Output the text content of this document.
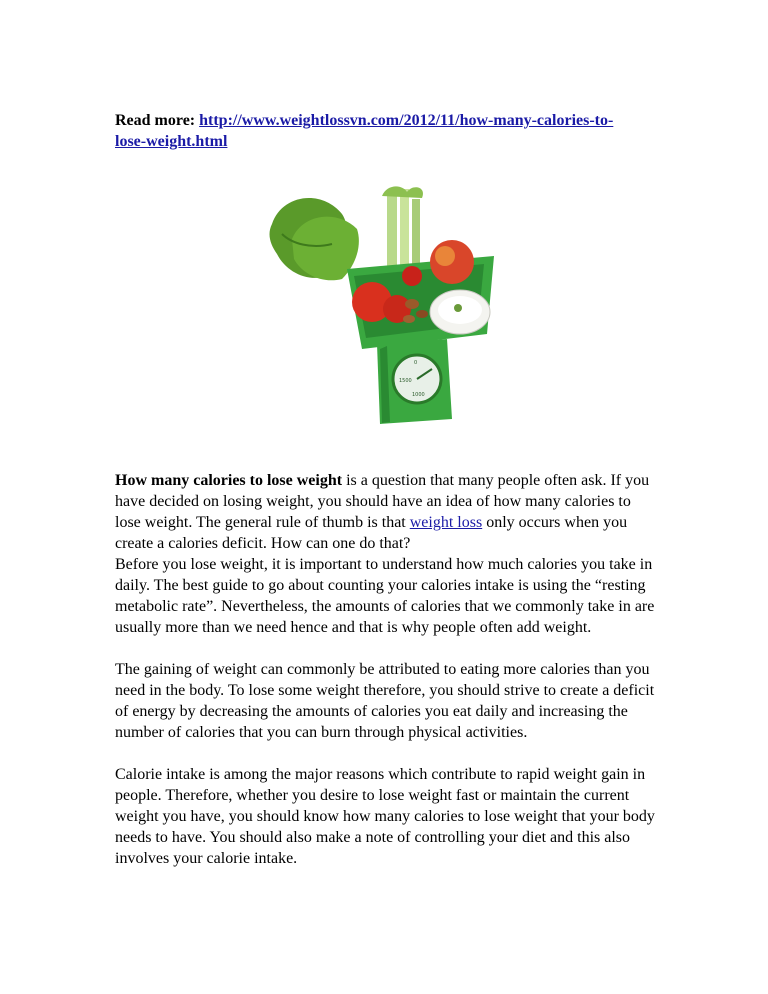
Read more: http://www.weightlossvn.com/2012/11/how-many-calories-to-
lose-weight.html
0
1500
1000

How many calories to lose weight is a question that many people often ask. If you have decided on losing weight, you should have an idea of how many calories to lose weight. The general rule of thumb is that weight loss only occurs when you create a calories deficit. How can one do that?

Before you lose weight, it is important to understand how much calories you take in daily. The best guide to go about counting your calories intake is using the “resting metabolic rate”. Nevertheless, the amounts of calories that we commonly take in are usually more than we need hence and that is why people often add weight.

The gaining of weight can commonly be attributed to eating more calories than you need in the body. To lose some weight therefore, you should strive to create a deficit of energy by decreasing the amounts of calories you eat daily and increasing the number of calories that you can burn through physical activities.

Calorie intake is among the major reasons which contribute to rapid weight gain in people. Therefore, whether you desire to lose weight fast or maintain the current weight you have, you should know how many calories to lose weight that your body needs to have. You should also make a note of controlling your diet and this also involves your calorie intake.
